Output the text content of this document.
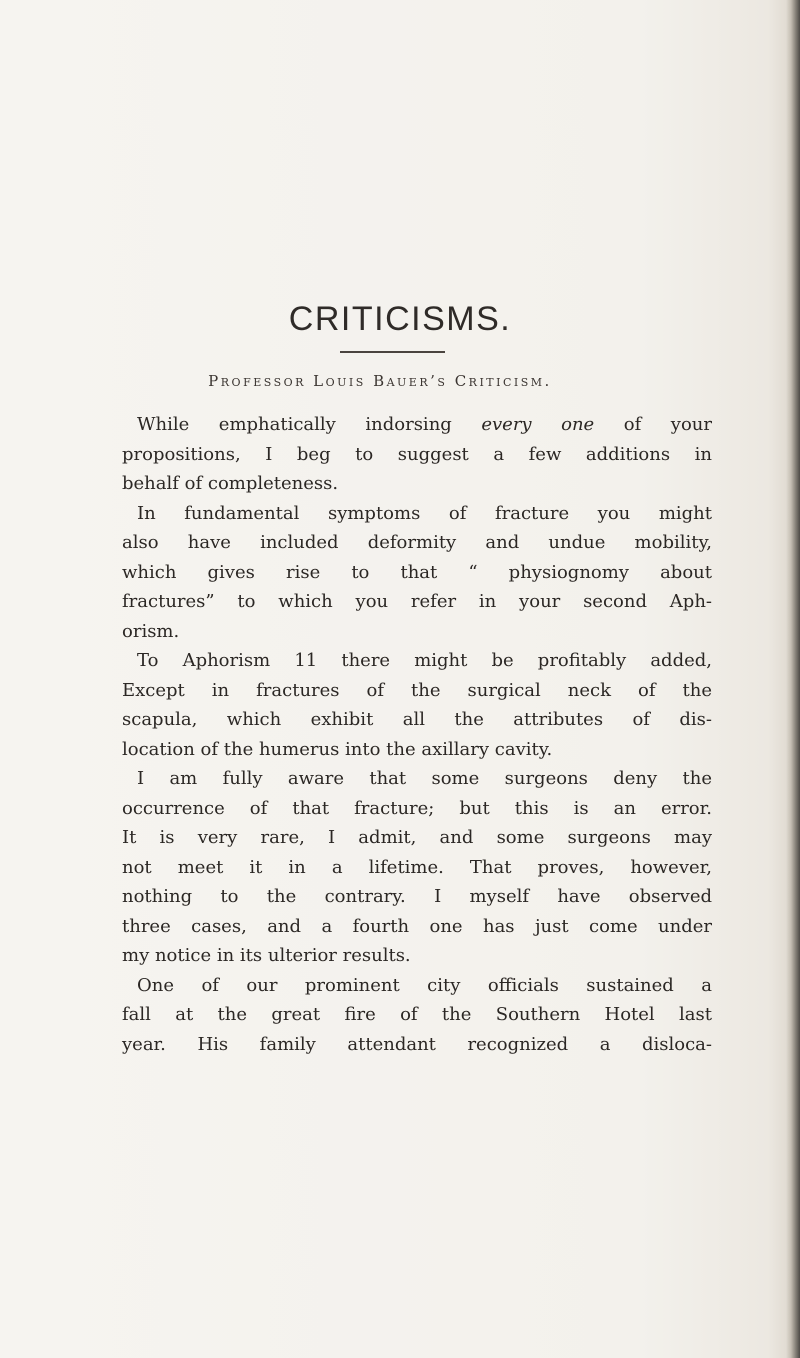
CRITICISMS.
Professor Louis Bauer’s Criticism.
While emphatically indorsing every one of your
propositions, I beg to suggest a few additions in
behalf of completeness.
In fundamental symptoms of fracture you might
also have included deformity and undue mobility,
which gives rise to that “ physiognomy about
fractures” to which you refer in your second Aph-
orism.
To Aphorism 11 there might be profitably added,
Except in fractures of the surgical neck of the
scapula, which exhibit all the attributes of dis-
location of the humerus into the axillary cavity.
I am fully aware that some surgeons deny the
occurrence of that fracture; but this is an error.
It is very rare, I admit, and some surgeons may
not meet it in a lifetime. That proves, however,
nothing to the contrary. I myself have observed
three cases, and a fourth one has just come under
my notice in its ulterior results.
One of our prominent city officials sustained a
fall at the great fire of the Southern Hotel last
year. His family attendant recognized a disloca-
